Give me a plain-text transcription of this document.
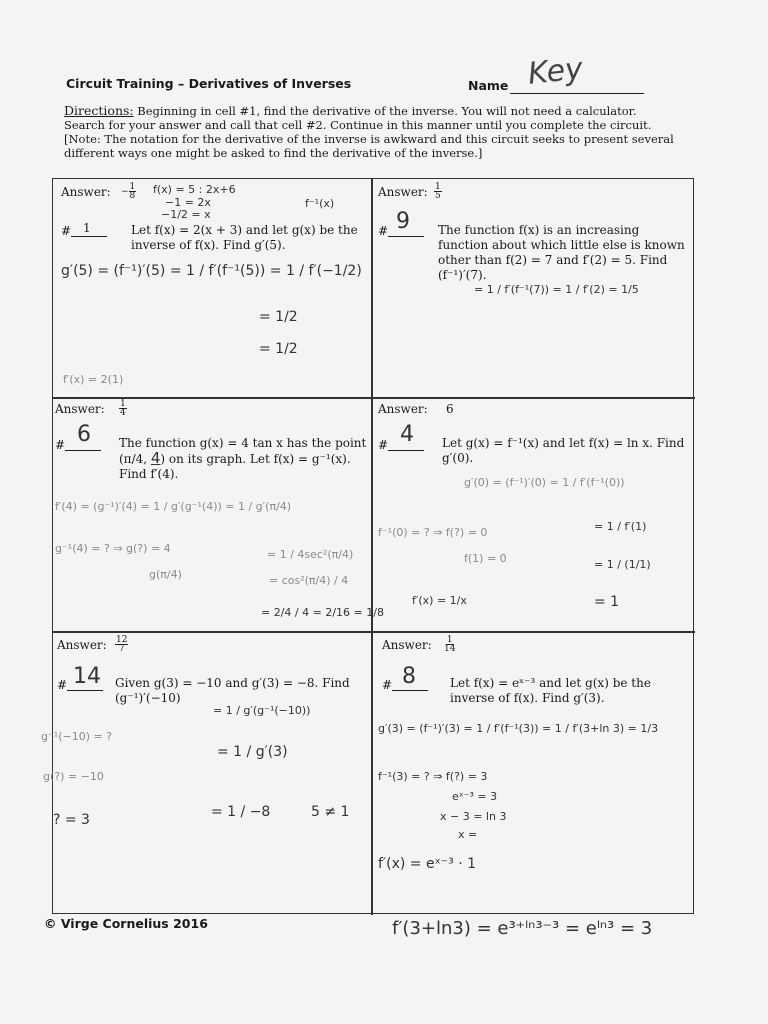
Circuit Training – Derivatives of Inverses	Name Key
Directions: Beginning in cell #1, find the derivative of the inverse. You will not need a calculator. Search for your answer and call that cell #2. Continue in this manner until you complete the circuit.
[Note: The notation for the derivative of the inverse is awkward and this circuit seeks to present several different ways one might be asked to find the derivative of the inverse.]
Answer: − $\frac{1}{8} f(x) = 5$ : 2x+6
−1 = 2x
−1/2 = x
f⁻¹(x)
# 1	Let f(x) = 2(x + 3) and let g(x) be the inverse of f(x). Find g′(5).
g′(5) = (f⁻¹)′(5) = 1 / f′(f⁻¹(5)) = 1 / f′(−1/2)
= 1/2
= 1/2
f′(x) = 2(1)
Answer: $\frac{1}{5}$
# 9 The function f(x) is an increasing function about which little else is known other than f(2) = 7 and f′(2) = 5. Find (f⁻¹)′(7).
= 1 / f′(f⁻¹(7)) = 1 / f′(2) = 1/5
Answer: $\frac{1}{4}$
# 6 The function g(x) = 4 tan x has the point (π/4, 4) on its graph. Let f(x) = g⁻¹(x). Find f′(4).
f′(4) = (g⁻¹)′(4) = 1 / g′(g⁻¹(4)) = 1 / g′(π/4)
g⁻¹(4) = ? ⇒ g(?) = 4	= 1 / 4sec²(π/4)
g(π/4)	= cos²(π/4) / 4
= 2/4 / 4 = 2/16 = 1/8
Answer: 6
# 4 Let g(x) = f⁻¹(x) and let f(x) = ln x. Find g′(0).
g′(0) = (f⁻¹)′(0) = 1 / f′(f⁻¹(0))
f⁻¹(0) = ? ⇒ f(?) = 0	= 1 / f′(1)
f(1) = 0	= 1 / (1/1)
f′(x) = 1/x	= 1
Answer: $\frac{12}{7}$
# 14 Given g(3) = −10 and g′(3) = −8. Find (g⁻¹)′(−10)
= 1 / g′(g⁻¹(−10))
g⁻¹(−10) = ?
= 1 / g′(3)
g(?) = −10
? = 3	= 1 / −8	5 ≠ 1
Answer: $\frac{1}{14}$
# 8	Let f(x) = eˣ⁻³ and let g(x) be the inverse of f(x). Find g′(3).
g′(3) = (f⁻¹)′(3) = 1 / f′(f⁻¹(3)) = 1 / f′(3+ln 3) = 1/3
f⁻¹(3) = ? ⇒ f(?) = 3
eˣ⁻³ = 3
x − 3 = ln 3
x =
f′(x) = eˣ⁻³ · 1
© Virge Cornelius 2016	f′(3+ln3) = e³⁺ˡⁿ³⁻³ = eˡⁿ³ = 3
